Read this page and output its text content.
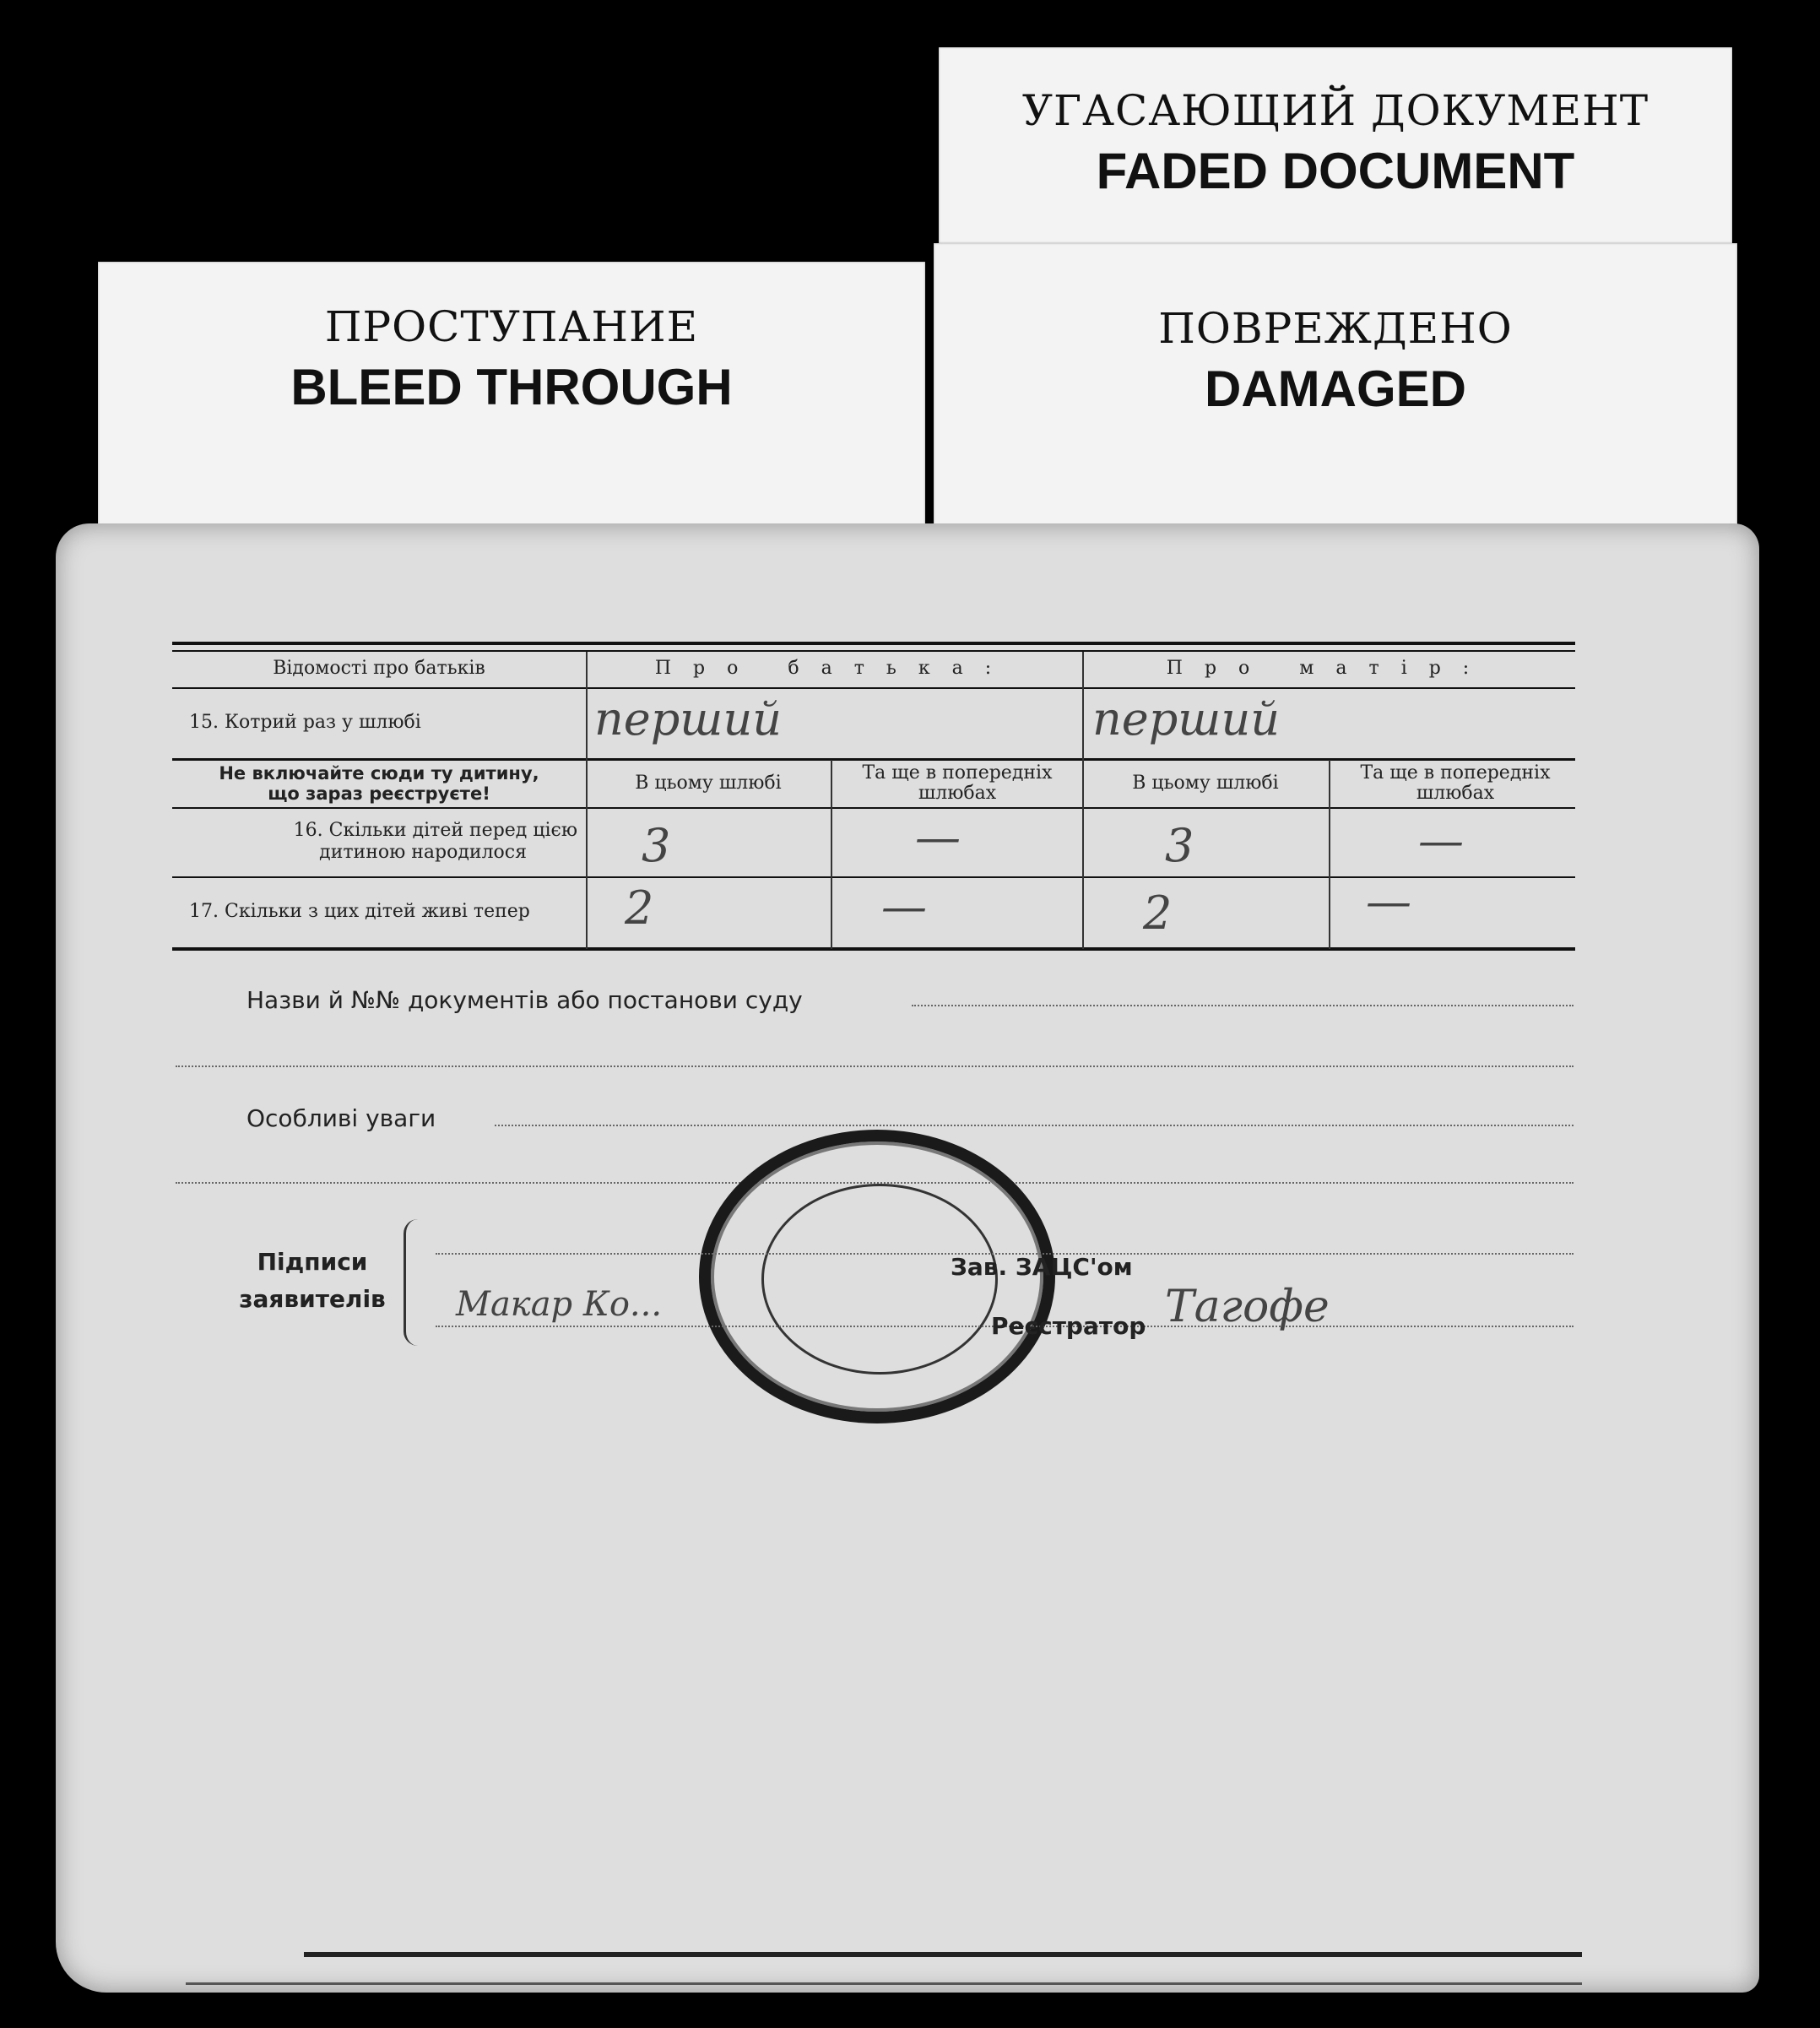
УГАСАЮЩИЙ ДОКУМЕНТ
FADED DOCUMENT
ПОВРЕЖДЕНО
DAMAGED
ПРОСТУПАНИЕ
BLEED THROUGH
Відомості про батьків	Про батька:	Про матір:
15. Котрий раз у шлюбі	перший	перший
Не включайте сюди ту дитину,
що зараз реєструєте!	В цьому шлюбі	Та ще в попередніх шлюбах	В цьому шлюбі	Та ще в попередніх шлюбах
16. Скільки дітей перед цією
дитиною народилося	3	—	3	—
17. Скільки з цих дітей живі тепер	2	—	2	—
Назви й №№ документів або постанови суду
Особливі уваги
Підписи
заявителів	Макар Ко...
Зав. ЗАЦС'ом
Реєстратор Тагофе
